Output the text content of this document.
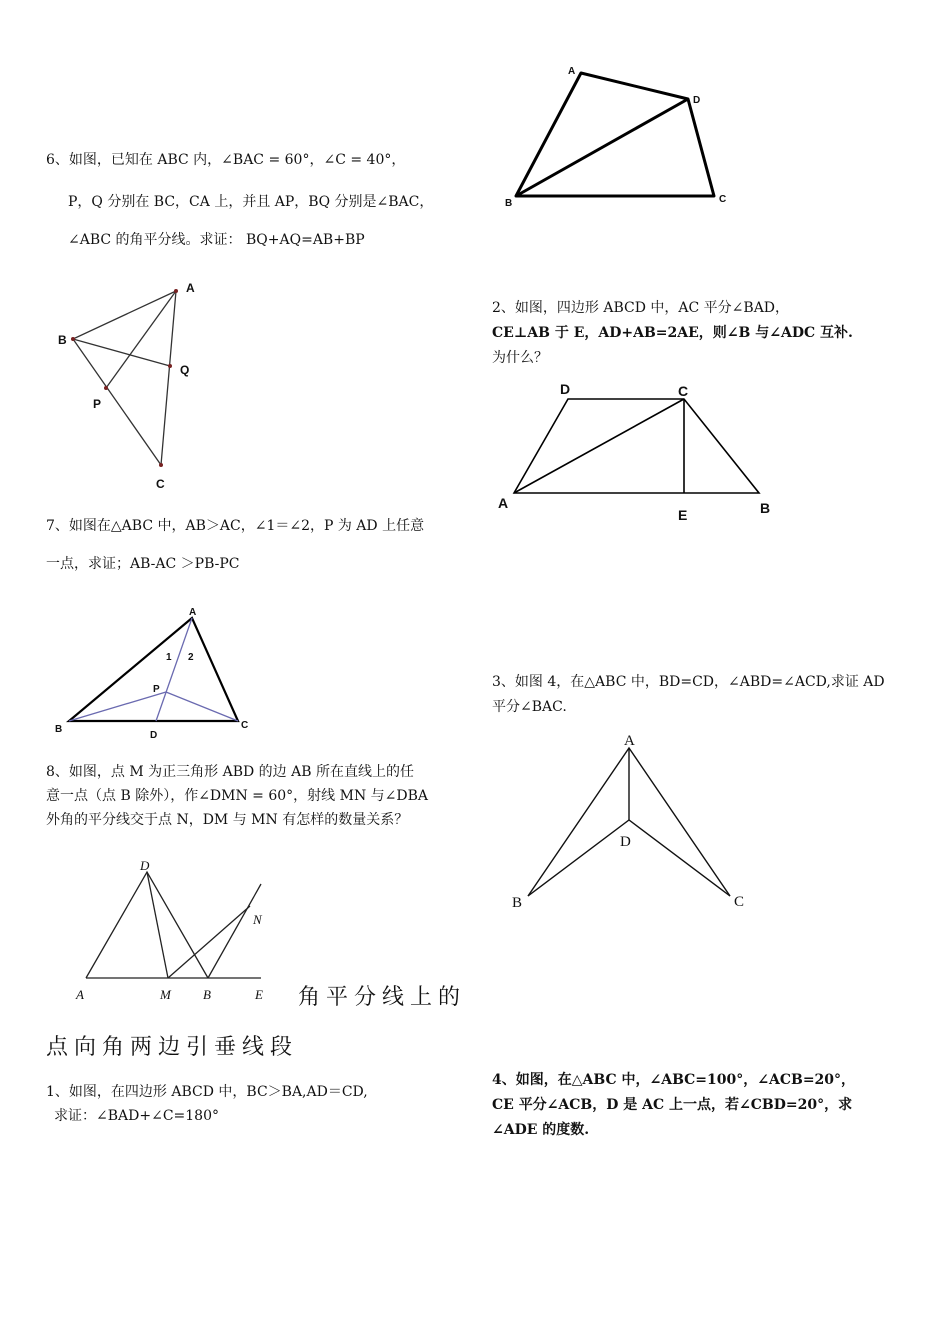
6、如图，已知在 ABC 内，∠BAC = 60°，∠C = 40°，
P，Q 分别在 BC，CA 上，并且 AP，BQ 分别是∠BAC，
∠ABC 的角平分线。求证： BQ+AQ=AB+BP
7、如图在△ABC 中，AB＞AC，∠1＝∠2，P 为 AD 上任意
一点，求证；AB-AC ＞PB-PC
8、如图，点 M 为正三角形 ABD 的边 AB 所在直线上的任
意一点（点 B 除外），作∠DMN = 60°，射线 MN 与∠DBA
外角的平分线交于点 N，DM 与 MN 有怎样的数量关系？
角平分线上的
点向角两边引垂线段
1、如图，在四边形 ABCD 中，BC＞BA,AD＝CD,
求证：∠BAD+∠C=180°
2、如图，四边形 ABCD 中，AC 平分∠BAD，
CE⊥AB 于 E，AD+AB=2AE，则∠B 与∠ADC 互补.
为什么？
3、如图 4，在△ABC 中，BD=CD，∠ABD=∠ACD,求证 AD
平分∠BAC.
4、如图，在△ABC 中，∠ABC=100°，∠ACB=20°，
CE 平分∠ACB，D 是 AC 上一点，若∠CBD=20°，求
∠ADE 的度数.
A
B
Q
P
C
A
1 2
P
B
D
C
D
N
A	M B	E
A
D
B	C
D	C
A
E	B
A
D
B	C
